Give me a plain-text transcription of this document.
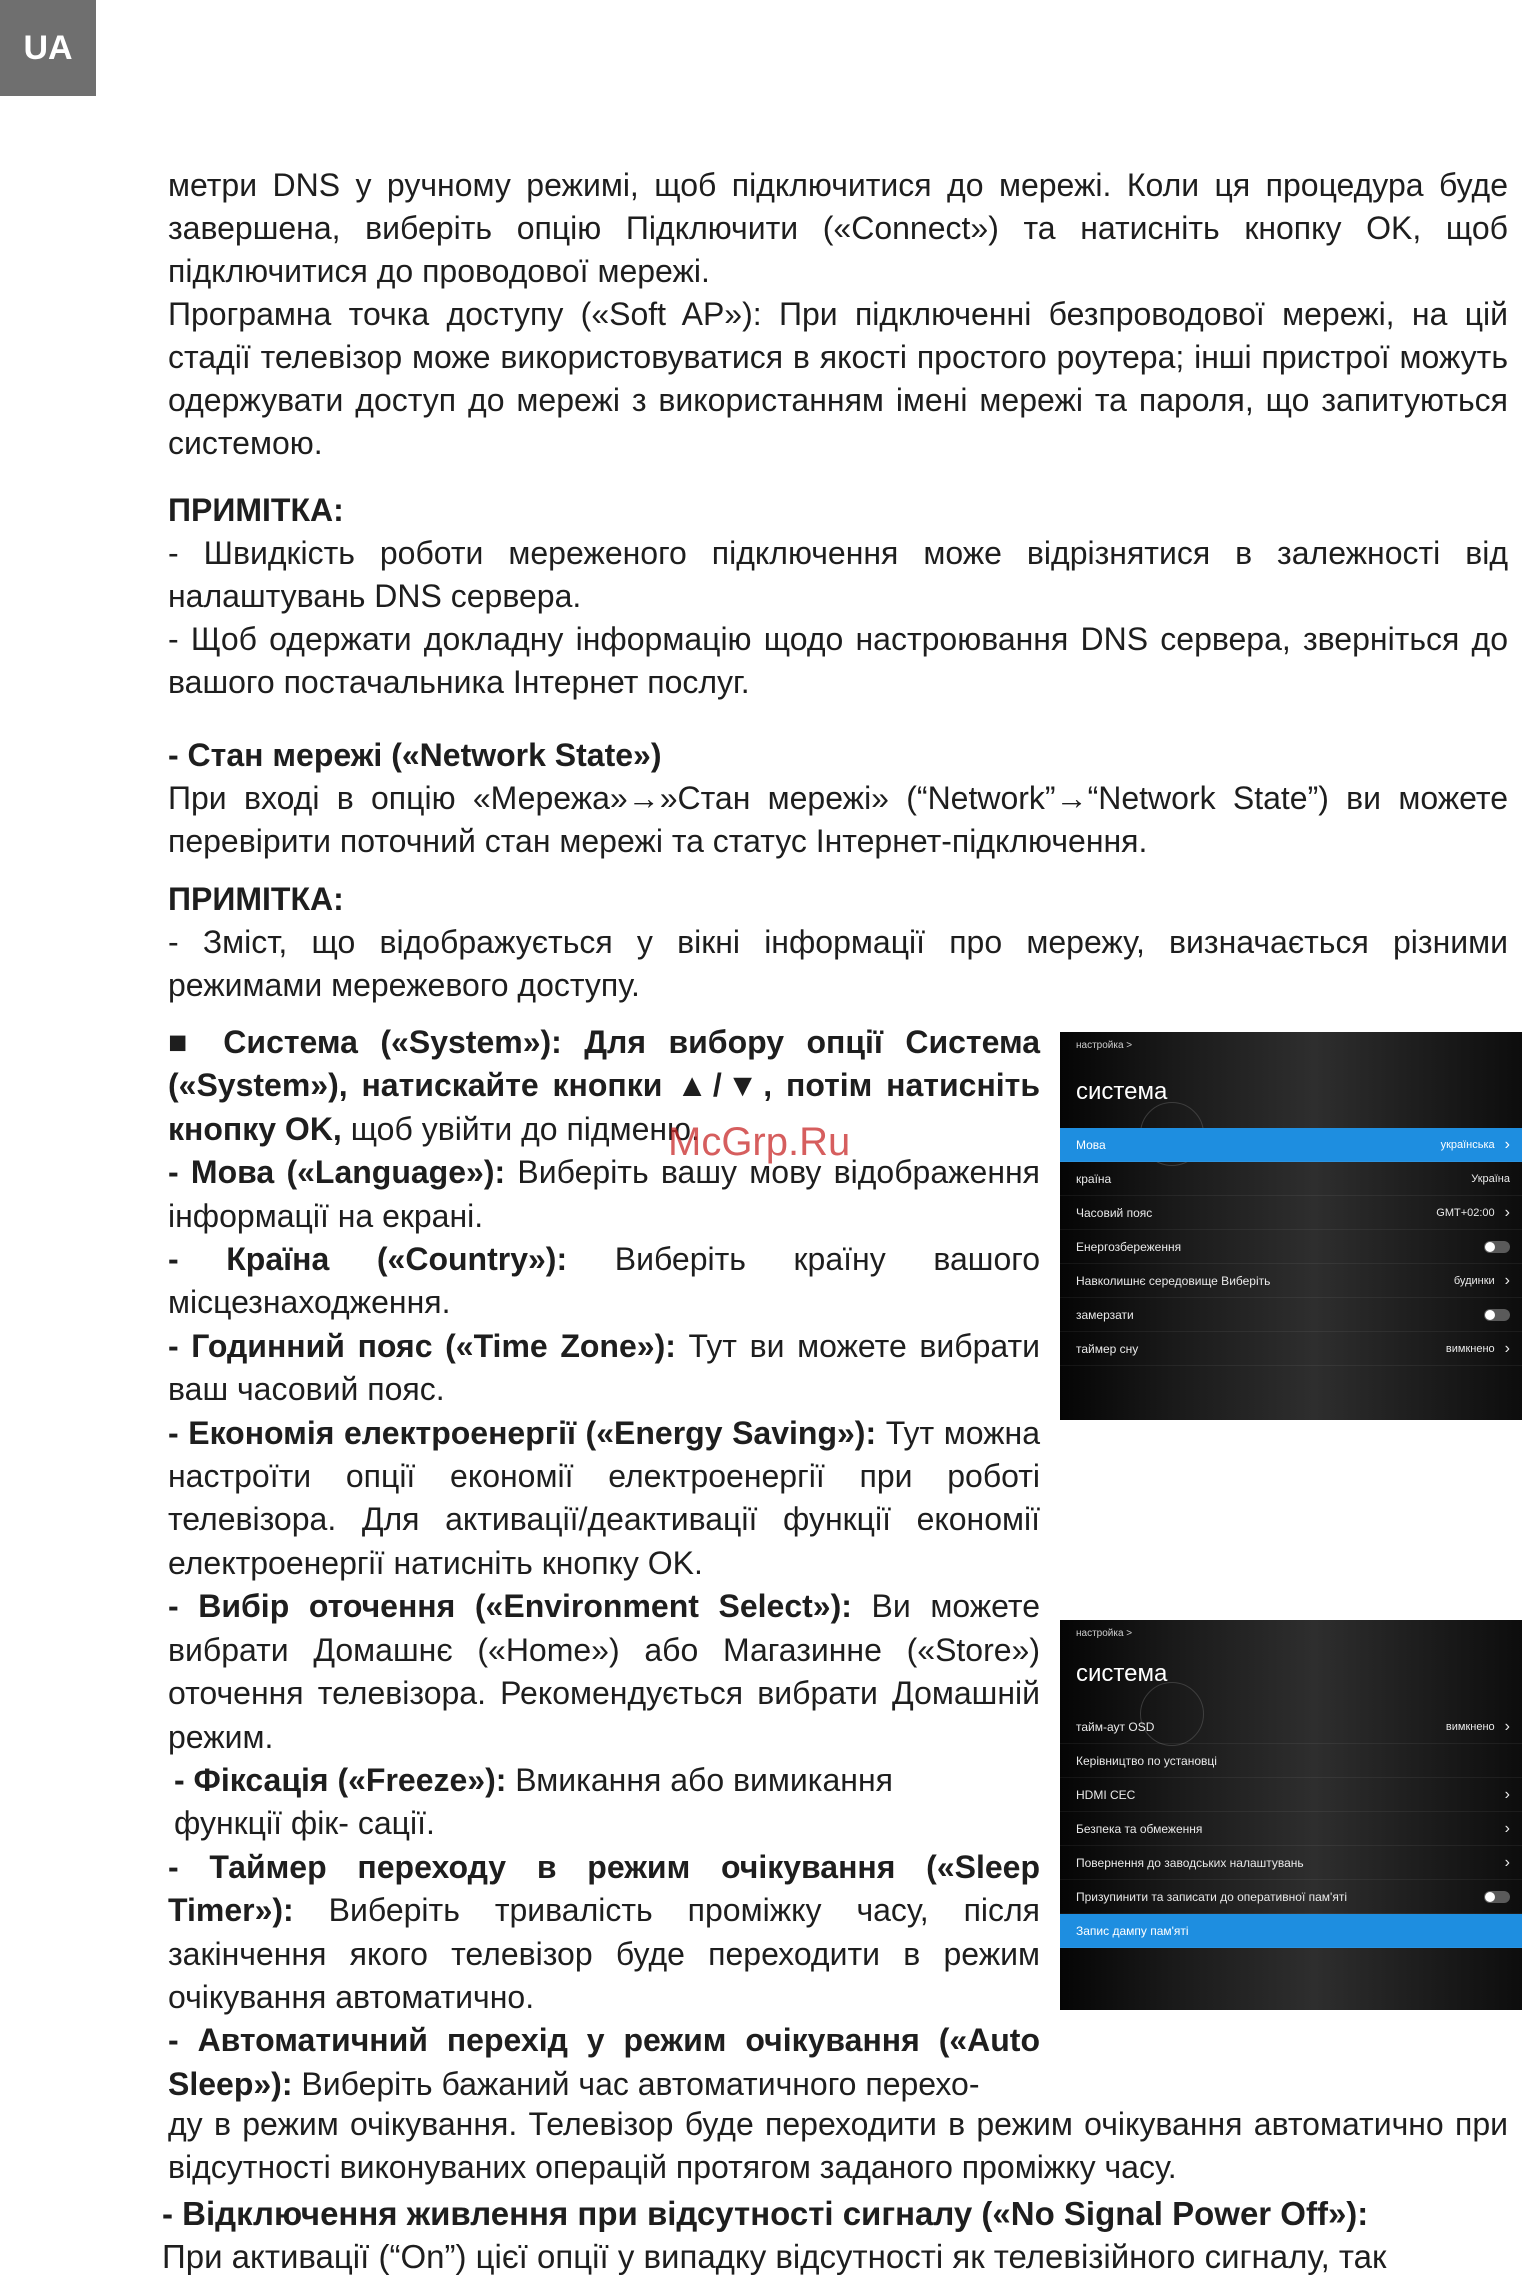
UA

метри DNS у ручному режимі, щоб підключитися до мережі. Коли ця процедура буде завершена, виберіть опцію Підключити («Connect») та натисніть кнопку OK, щоб підключитися до проводової мережі.

Програмна точка доступу («Soft AP»): При підключенні безпроводової мережі, на цій стадії телевізор може використовуватися в якості простого роутера; інші пристрої можуть одержувати доступ до мережі з використанням імені мережі та пароля, що запитуються системою.

ПРИМІТКА:

- Швидкість роботи мереженого підключення може відрізнятися в залежності від налаштувань DNS сервера.

- Щоб одержати докладну інформацію щодо настроювання DNS сервера, зверніться до вашого постачальника Інтернет послуг.

- Стан мережі («Network State»)

При вході в опцію «Мережа»→»Стан мережі» (“Network”→“Network State”) ви можете перевірити поточний стан мережі та статус Інтернет-підключення.

ПРИМІТКА:

- Зміст, що відображується у вікні інформації про мережу, визначається різними режимами мережевого доступу.

■ Система («System»): Для вибору опції Система («System»), натискайте кнопки ▲/▼, потім натисніть кнопку OK, щоб увійти до підменю.

- Мова («Language»): Виберіть вашу мову відображення інформації на екрані.

- Країна («Country»): Виберіть країну вашого місцезнаходження.

- Годинний пояс («Time Zone»): Тут ви можете вибрати ваш часовий пояс.

- Економія електроенергії («Energy Saving»): Тут можна настроїти опції економії електроенергії при роботі телевізора. Для активації/деактивації функції економії електроенергії натисніть кнопку OK.

- Вибір оточення («Environment Select»): Ви можете вибрати Домашнє («Home») або Магазинне («Store») оточення телевізора. Рекомендується вибрати Домашній режим.

- Фіксація («Freeze»): Вмикання або вимикання функції фік- сації.

- Таймер переходу в режим очікування («Sleep Timer»): Виберіть тривалість проміжку часу, після закінчення якого телевізор буде переходити в режим очікування автоматично.

- Автоматичний перехід у режим очікування («Auto Sleep»): Виберіть бажаний час автоматичного перехо-

ду в режим очікування. Телевізор буде переходити в режим очікування автоматично при відсутності виконуваних операцій протягом заданого проміжку часу.

- Відключення живлення при відсутності сигналу («No Signal Power Off»):

При активації (“On”) цієї опції у випадку відсутності як телевізійного сигналу, так

McGrp.Ru
настройка >
система
Мова	українська ›
країна	Україна
Часовий пояс	GMT+02:00 ›
Енергозбереження
Навколишнє середовище Виберіть	будинки ›
замерзати
таймер сну	вимкнено ›
настройка >
система
тайм-аут OSD	вимкнено ›
Керівництво по установці
HDMI CEC	›
Безпека та обмеження	›
Повернення до заводських налаштувань	›
Призупинити та записати до оперативної пам'яті
Запис дампу пам'яті
